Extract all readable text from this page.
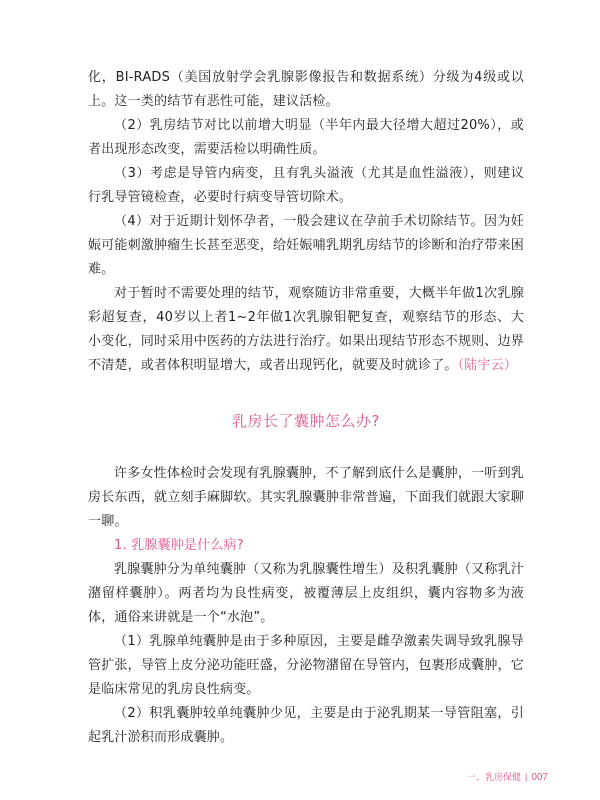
化，BI-RADS（美国放射学会乳腺影像报告和数据系统）分级为4级或以上。这一类的结节有恶性可能，建议活检。

（2）乳房结节对比以前增大明显（半年内最大径增大超过20%），或者出现形态改变，需要活检以明确性质。

（3）考虑是导管内病变，且有乳头溢液（尤其是血性溢液），则建议行乳导管镜检查，必要时行病变导管切除术。

（4）对于近期计划怀孕者，一般会建议在孕前手术切除结节。因为妊娠可能刺激肿瘤生长甚至恶变，给妊娠哺乳期乳房结节的诊断和治疗带来困难。

对于暂时不需要处理的结节，观察随访非常重要，大概半年做1次乳腺彩超复查，40岁以上者1~2年做1次乳腺钼靶复查，观察结节的形态、大小变化，同时采用中医药的方法进行治疗。如果出现结节形态不规则、边界不清楚，或者体积明显增大，或者出现钙化，就要及时就诊了。（陆宇云）

乳房长了囊肿怎么办?

许多女性体检时会发现有乳腺囊肿，不了解到底什么是囊肿，一听到乳房长东西，就立刻手麻脚软。其实乳腺囊肿非常普遍，下面我们就跟大家聊一聊。

1. 乳腺囊肿是什么病?

乳腺囊肿分为单纯囊肿（又称为乳腺囊性增生）及积乳囊肿（又称乳汁潴留样囊肿）。两者均为良性病变，被覆薄层上皮组织，囊内容物多为液体，通俗来讲就是一个“水泡”。

（1）乳腺单纯囊肿是由于多种原因，主要是雌孕激素失调导致乳腺导管扩张，导管上皮分泌功能旺盛，分泌物潴留在导管内，包裹形成囊肿，它是临床常见的乳房良性病变。

（2）积乳囊肿较单纯囊肿少见，主要是由于泌乳期某一导管阻塞，引起乳汁淤积而形成囊肿。

一、乳房保健 | 007
